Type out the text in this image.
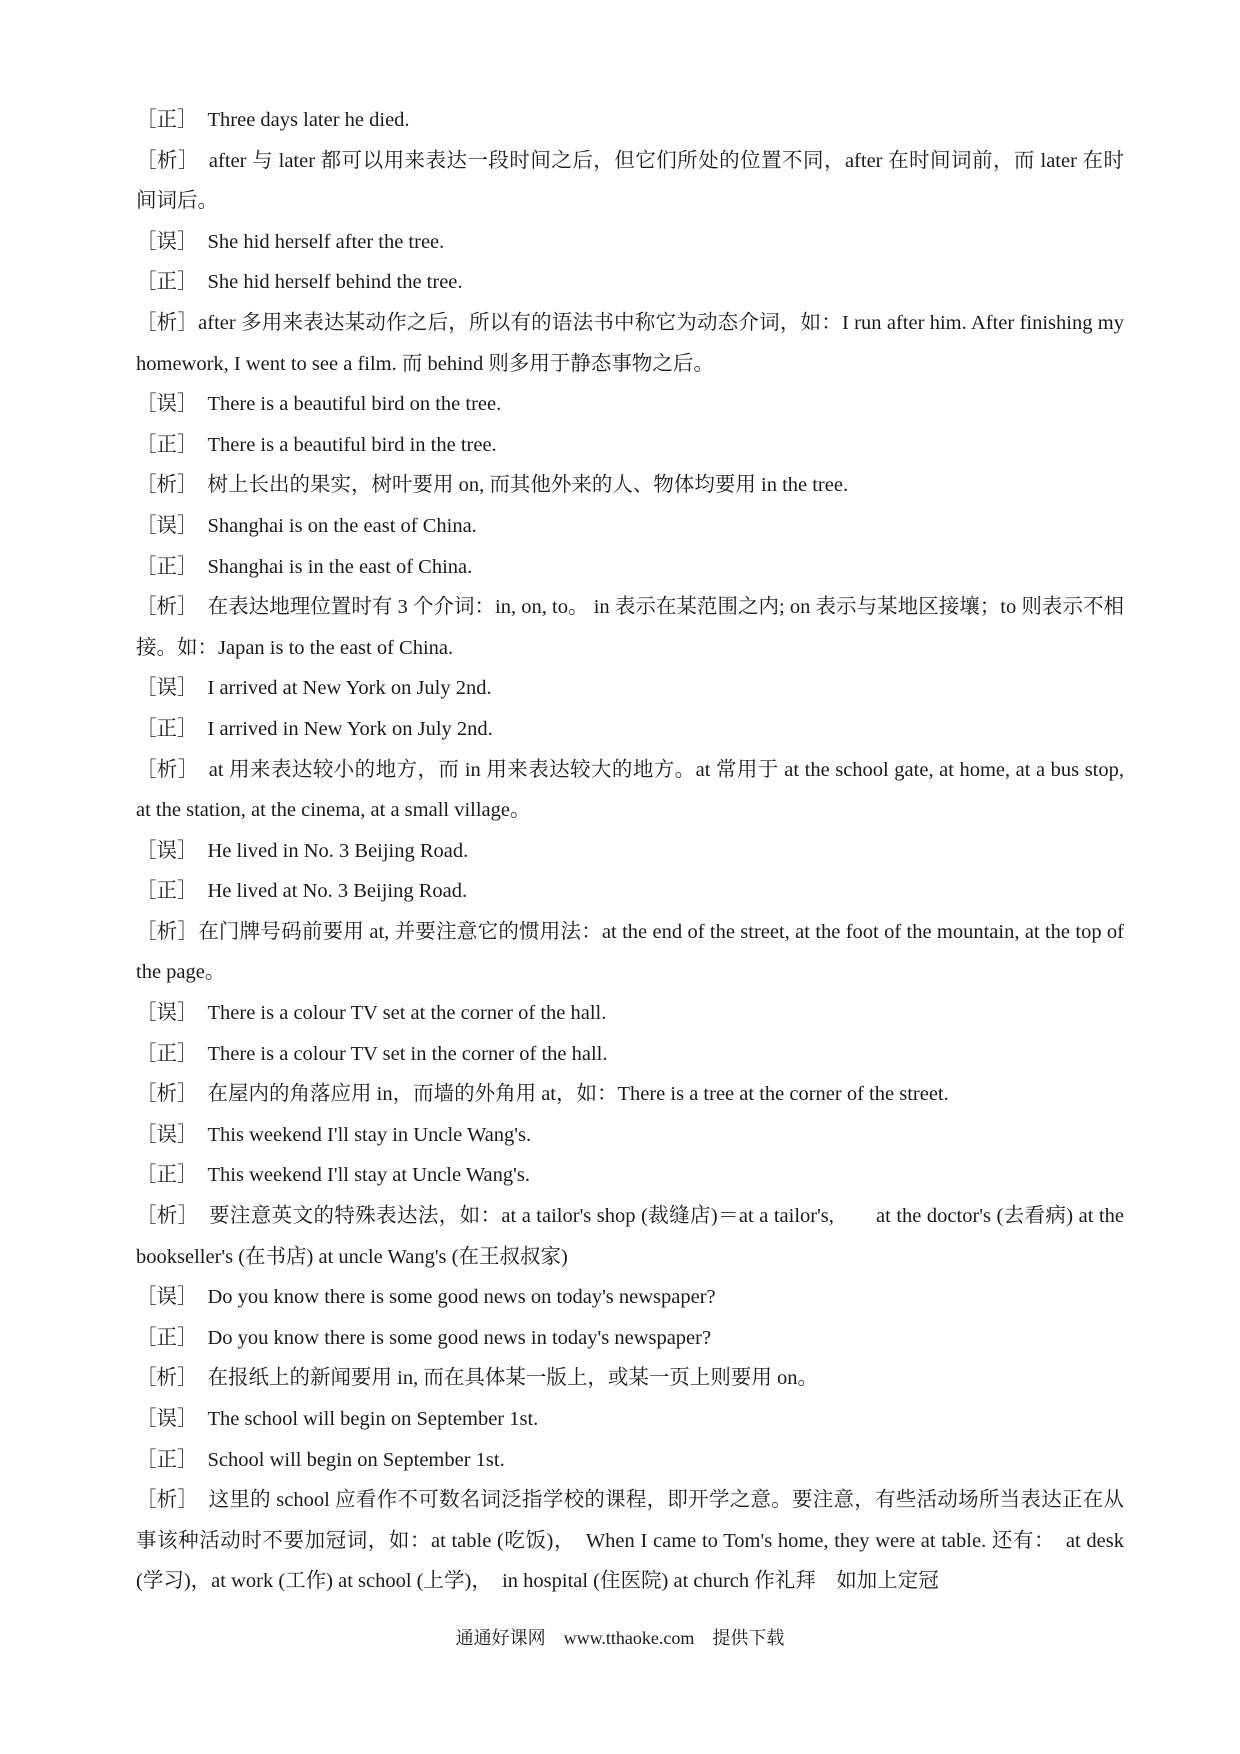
［正］ Three days later he died.

［析］ after 与 later 都可以用来表达一段时间之后，但它们所处的位置不同，after 在时间词前，而 later 在时间词后。

［误］ She hid herself after the tree.

［正］ She hid herself behind the tree.

［析］after 多用来表达某动作之后，所以有的语法书中称它为动态介词，如：I run after him. After finishing my homework, I went to see a film. 而 behind 则多用于静态事物之后。

［误］ There is a beautiful bird on the tree.

［正］ There is a beautiful bird in the tree.

［析］ 树上长出的果实，树叶要用 on, 而其他外来的人、物体均要用 in the tree.

［误］ Shanghai is on the east of China.

［正］ Shanghai is in the east of China.

［析］ 在表达地理位置时有 3 个介词：in, on, to。 in 表示在某范围之内; on 表示与某地区接壤；to 则表示不相接。如：Japan is to the east of China.

［误］ I arrived at New York on July 2nd.

［正］ I arrived in New York on July 2nd.

［析］ at 用来表达较小的地方，而 in 用来表达较大的地方。at 常用于 at the school gate, at home, at a bus stop, at the station, at the cinema, at a small village。

［误］ He lived in No. 3 Beijing Road.

［正］ He lived at No. 3 Beijing Road.

［析］在门牌号码前要用 at, 并要注意它的惯用法：at the end of the street, at the foot of the mountain, at the top of the page。

［误］ There is a colour TV set at the corner of the hall.

［正］ There is a colour TV set in the corner of the hall.

［析］ 在屋内的角落应用 in，而墙的外角用 at，如：There is a tree at the corner of the street.

［误］ This weekend I'll stay in Uncle Wang's.

［正］ This weekend I'll stay at Uncle Wang's.

［析］ 要注意英文的特殊表达法，如：at a tailor's shop (裁缝店)＝at a tailor's,　　at the doctor's (去看病) at the bookseller's (在书店) at uncle Wang's (在王叔叔家)

［误］ Do you know there is some good news on today's newspaper?

［正］ Do you know there is some good news in today's newspaper?

［析］ 在报纸上的新闻要用 in, 而在具体某一版上，或某一页上则要用 on。

［误］ The school will begin on September 1st.

［正］ School will begin on September 1st.

［析］ 这里的 school 应看作不可数名词泛指学校的课程，即开学之意。要注意，有些活动场所当表达正在从事该种活动时不要加冠词，如：at table (吃饭)，　When I came to Tom's home, they were at table. 还有：　at desk (学习)，at work (工作) at school (上学)，　in hospital (住医院) at church 作礼拜　如加上定冠

通通好课网　www.tthaoke.com　提供下载
